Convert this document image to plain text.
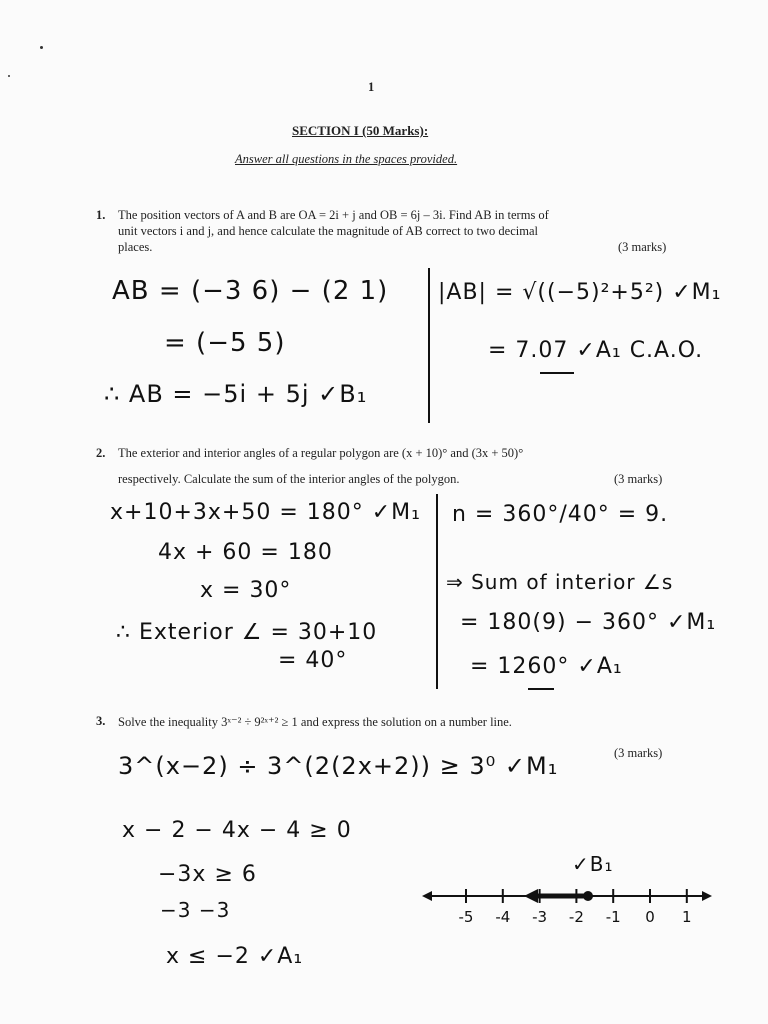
1
SECTION I (50 Marks):
Answer all questions in the spaces provided.
1. The position vectors of A and B are OA = 2i + j and OB = 6j – 3i. Find AB in terms of
unit vectors i and j, and hence calculate the magnitude of AB correct to two decimal
places.	(3 marks)
AB = (−3 6) − (2 1)
= (−5 5)
∴ AB = −5i + 5j ✓B₁
|AB| = √((−5)²+5²) ✓M₁
= 7.07 ✓A₁ C.A.O.
2. The exterior and interior angles of a regular polygon are (x + 10)° and (3x + 50)°
respectively. Calculate the sum of the interior angles of the polygon.	(3 marks)
x+10+3x+50 = 180° ✓M₁
4x + 60 = 180
x = 30°
∴ Exterior ∠ = 30+10
= 40°
n = 360°/40° = 9.
⇒ Sum of interior ∠s
= 180(9) − 360° ✓M₁
= 1260° ✓A₁
3. Solve the inequality 3ˣ⁻² ÷ 9²ˣ⁺² ≥ 1 and express the solution on a number line.
(3 marks)
3^(x−2) ÷ 3^(2(2x+2)) ≥ 3⁰ ✓M₁
x − 2 − 4x − 4 ≥ 0
−3x ≥ 6
−3 −3
x ≤ −2 ✓A₁
✓B₁
-5 -4 -3 -2 -1 0 1
